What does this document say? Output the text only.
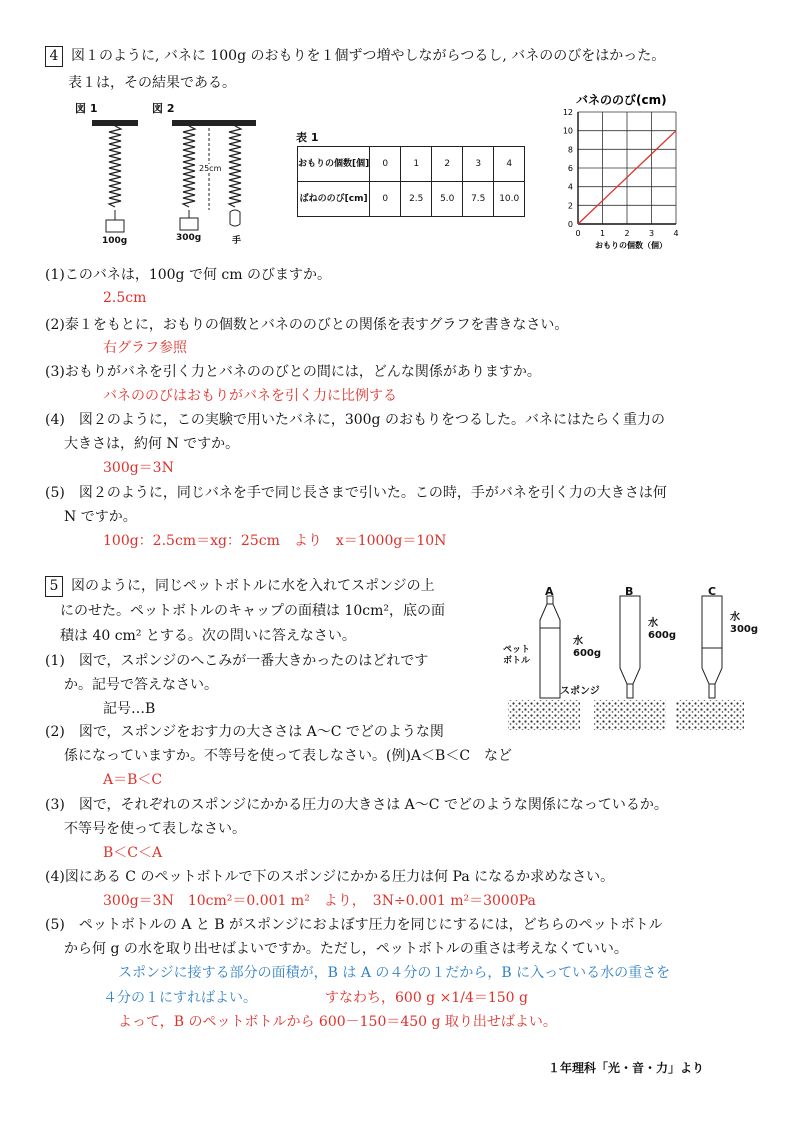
4 図１のように, バネに 100g のおもりを１個ずつ増やしながらつるし, バネののびをはかった。
表１は，その結果である。
図 1	図 2
100g	300g	手
25cm
表 1
おもりの個数[個]	0	1	2	3	4
ばねののび[cm]	0	2.5	5.0	7.5	10.0
バネののび(cm)
0
2
4
6
8
10
12
0 1 2 3 4
おもりの個数（個）
(1)このバネは，100g で何 cm のびますか。
2.5cm
(2)泰１をもとに，おもりの個数とバネののびとの関係を表すグラフを書きなさい。
右グラフ参照
(3)おもりがバネを引く力とバネののびとの間には，どんな関係がありますか。
バネののびはおもりがバネを引く力に比例する
(4)　図２のように，この実験で用いたバネに，300g のおもりをつるした。バネにはたらく重力の
大きさは，約何 N ですか。
300g＝3N
(5)　図２のように，同じバネを手で同じ長さまで引いた。この時，手がバネを引く力の大きさは何
N ですか。
100g：2.5cm＝xg：25cm　より　x＝1000g＝10N
5 図のように，同じペットボトルに水を入れてスポンジの上
にのせた。ペットボトルのキャップの面積は 10cm²，底の面
積は 40 cm² とする。次の問いに答えなさい。
A	B	C
水
600g
水
600g
水
300g
ペット
ボトル
スポンジ
(1)　図で，スポンジのへこみが一番大きかったのはどれです
か。記号で答えなさい。
記号…B
(2)　図で，スポンジをおす力の大ささは A～C でどのような関
係になっていますか。不等号を使って表しなさい。(例)A＜B＜C　など
A＝B＜C
(3)　図で，それぞれのスポンジにかかる圧力の大きさは A～C でどのような関係になっているか。
不等号を使って表しなさい。
B＜C＜A
(4)図にある C のペットボトルで下のスポンジにかかる圧力は何 Pa になるか求めなさい。
300g＝3N　10cm²＝0.001 m²　より，　3N÷0.001 m²＝3000Pa
(5)　ペットボトルの A と B がスポンジにおよぼす圧力を同じにするには，どちらのペットボトル
から何 g の水を取り出せばよいですか。ただし，ペットボトルの重さは考えなくていい。
スポンジに接する部分の面積が，B は A の４分の１だから，B に入っている水の重さを
４分の１にすればよい。	すなわち，600 g ×1/4＝150 g
よって，B のペットボトルから 600－150＝450 g 取り出せばよい。
１年理科「光・音・力」より
